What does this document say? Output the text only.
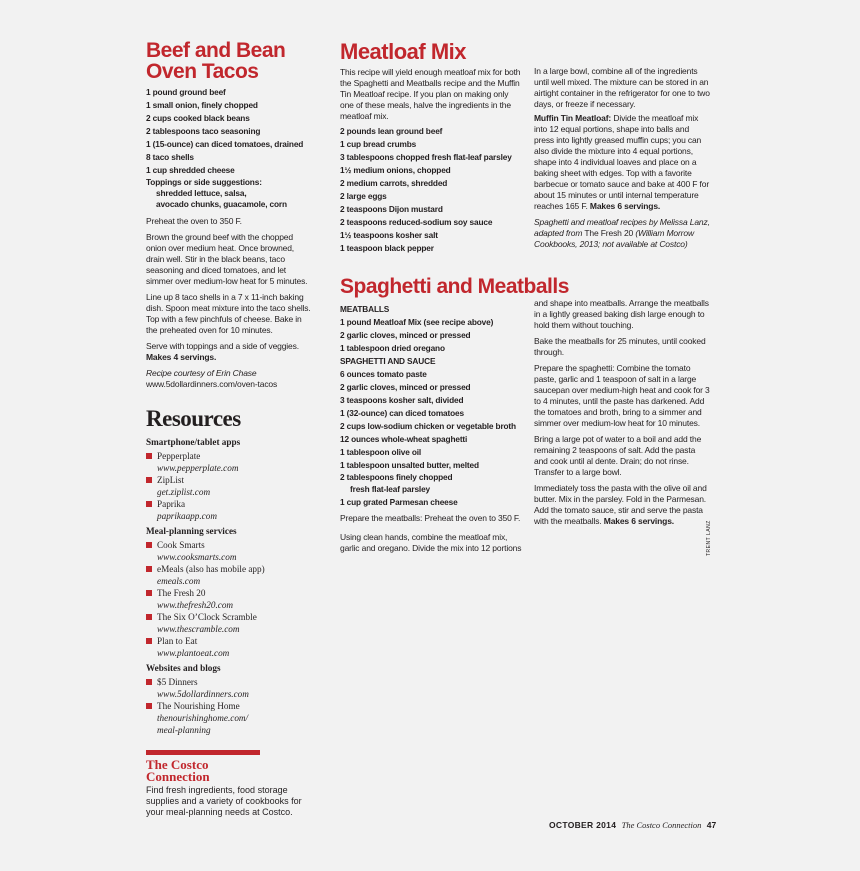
Beef and Bean
Oven Tacos
1 pound ground beef
1 small onion, finely chopped
2 cups cooked black beans
2 tablespoons taco seasoning
1 (15-ounce) can diced tomatoes, drained
8 taco shells
1 cup shredded cheese
Toppings or side suggestions:
shredded lettuce, salsa,
avocado chunks, guacamole, corn

Preheat the oven to 350 F.

Brown the ground beef with the chopped onion over medium heat. Once browned, drain well. Stir in the black beans, taco seasoning and diced tomatoes, and let simmer over medium-low heat for 5 minutes.

Line up 8 taco shells in a 7 x 11-inch baking dish. Spoon meat mixture into the taco shells. Top with a few pinchfuls of cheese. Bake in the preheated oven for 10 minutes.

Serve with toppings and a side of veggies.
Makes 4 servings.

Recipe courtesy of Erin Chase
www.5dollardinners.com/oven-tacos

Resources
Smartphone/tablet apps
Pepperplate
www.pepperplate.com
ZipList
get.ziplist.com
Paprika
paprikaapp.com
Meal-planning services
Cook Smarts
www.cooksmarts.com
eMeals (also has mobile app)
emeals.com
The Fresh 20
www.thefresh20.com
The Six O’Clock Scramble
www.thescramble.com
Plan to Eat
www.plantoeat.com
Websites and blogs
$5 Dinners
www.5dollardinners.com
The Nourishing Home
thenourishinghome.com/
meal-planning
The Costco
Connection

Find fresh ingredients, food storage supplies and a variety of cookbooks for your meal-planning needs at Costco.

Meatloaf Mix

This recipe will yield enough meatloaf mix for both the Spaghetti and Meatballs recipe and the Muffin Tin Meatloaf recipe. If you plan on making only one of these meals, halve the ingredients in the meatloaf mix.

2 pounds lean ground beef
1 cup bread crumbs
3 tablespoons chopped fresh flat-leaf parsley
1½ medium onions, chopped
2 medium carrots, shredded
2 large eggs
2 teaspoons Dijon mustard
2 teaspoons reduced-sodium soy sauce
1½ teaspoons kosher salt
1 teaspoon black pepper
Spaghetti and Meatballs
MEATBALLS
1 pound Meatloaf Mix (see recipe above)
2 garlic cloves, minced or pressed
1 tablespoon dried oregano
SPAGHETTI AND SAUCE
6 ounces tomato paste
2 garlic cloves, minced or pressed
3 teaspoons kosher salt, divided
1 (32-ounce) can diced tomatoes
2 cups low-sodium chicken or vegetable broth
12 ounces whole-wheat spaghetti
1 tablespoon olive oil
1 tablespoon unsalted butter, melted
2 tablespoons finely chopped
fresh flat-leaf parsley
1 cup grated Parmesan cheese

Prepare the meatballs: Preheat the oven to 350 F.

Using clean hands, combine the meatloaf mix, garlic and oregano. Divide the mix into 12 portions

In a large bowl, combine all of the ingredients until well mixed. The mixture can be stored in an airtight container in the refrigerator for one to two days, or freeze if necessary.

Muffin Tin Meatloaf: Divide the meatloaf mix into 12 equal portions, shape into balls and press into lightly greased muffin cups; you can also divide the mixture into 4 equal portions, shape into 4 individual loaves and place on a baking sheet with edges. Top with a favorite barbecue or tomato sauce and bake at 400 F for about 15 minutes or until internal temperature reaches 165 F. Makes 6 servings.

Spaghetti and meatloaf recipes by Melissa Lanz, adapted from The Fresh 20 (William Morrow Cookbooks, 2013; not available at Costco)

and shape into meatballs. Arrange the meatballs in a lightly greased baking dish large enough to hold them without touching.

Bake the meatballs for 25 minutes, until cooked through.

Prepare the spaghetti: Combine the tomato paste, garlic and 1 teaspoon of salt in a large saucepan over medium-high heat and cook for 3 to 4 minutes, until the paste has darkened. Add the tomatoes and broth, bring to a simmer and simmer over medium-low heat for 10 minutes.

Bring a large pot of water to a boil and add the remaining 2 teaspoons of salt. Add the pasta and cook until al dente. Drain; do not rinse. Transfer to a large bowl.

Immediately toss the pasta with the olive oil and butter. Mix in the parsley. Fold in the Parmesan. Add the tomato sauce, stir and serve the pasta with the meatballs. Makes 6 servings.	TRENT LANZ
OCTOBER 2014 The Costco Connection 47
